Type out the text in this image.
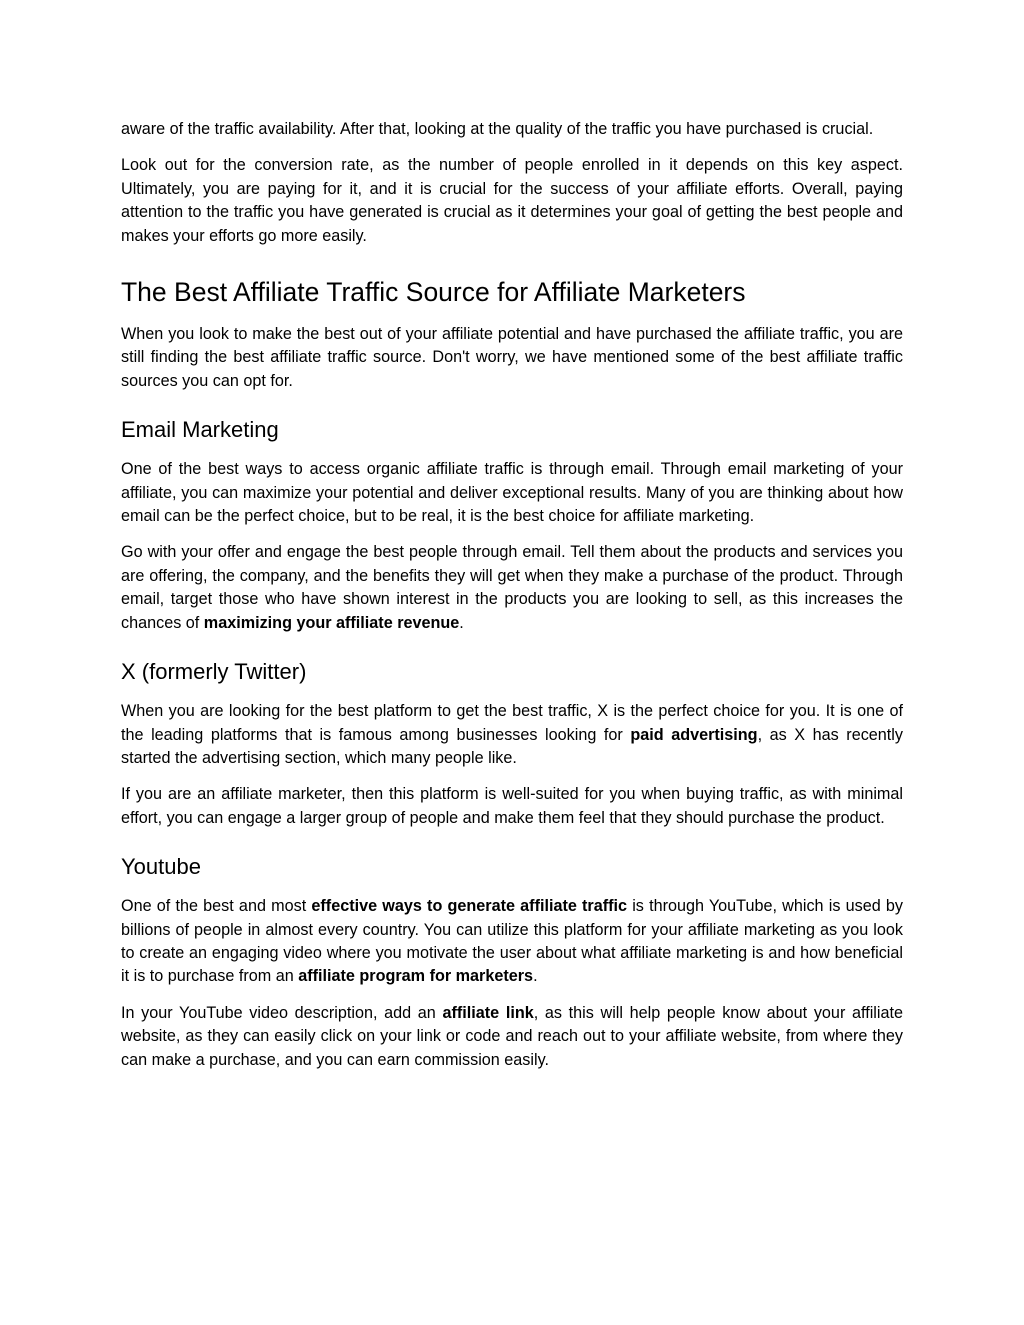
aware of the traffic availability. After that, looking at the quality of the traffic you have purchased is crucial.

Look out for the conversion rate, as the number of people enrolled in it depends on this key aspect. Ultimately, you are paying for it, and it is crucial for the success of your affiliate efforts. Overall, paying attention to the traffic you have generated is crucial as it determines your goal of getting the best people and makes your efforts go more easily.

The Best Affiliate Traffic Source for Affiliate Marketers

When you look to make the best out of your affiliate potential and have purchased the affiliate traffic, you are still finding the best affiliate traffic source. Don't worry, we have mentioned some of the best affiliate traffic sources you can opt for.

Email Marketing

One of the best ways to access organic affiliate traffic is through email. Through email marketing of your affiliate, you can maximize your potential and deliver exceptional results. Many of you are thinking about how email can be the perfect choice, but to be real, it is the best choice for affiliate marketing.

Go with your offer and engage the best people through email. Tell them about the products and services you are offering, the company, and the benefits they will get when they make a purchase of the product. Through email, target those who have shown interest in the products you are looking to sell, as this increases the chances of maximizing your affiliate revenue.

X (formerly Twitter)

When you are looking for the best platform to get the best traffic, X is the perfect choice for you. It is one of the leading platforms that is famous among businesses looking for paid advertising, as X has recently started the advertising section, which many people like.

If you are an affiliate marketer, then this platform is well-suited for you when buying traffic, as with minimal effort, you can engage a larger group of people and make them feel that they should purchase the product.

Youtube

One of the best and most effective ways to generate affiliate traffic is through YouTube, which is used by billions of people in almost every country. You can utilize this platform for your affiliate marketing as you look to create an engaging video where you motivate the user about what affiliate marketing is and how beneficial it is to purchase from an affiliate program for marketers.

In your YouTube video description, add an affiliate link, as this will help people know about your affiliate website, as they can easily click on your link or code and reach out to your affiliate website, from where they can make a purchase, and you can earn commission easily.
